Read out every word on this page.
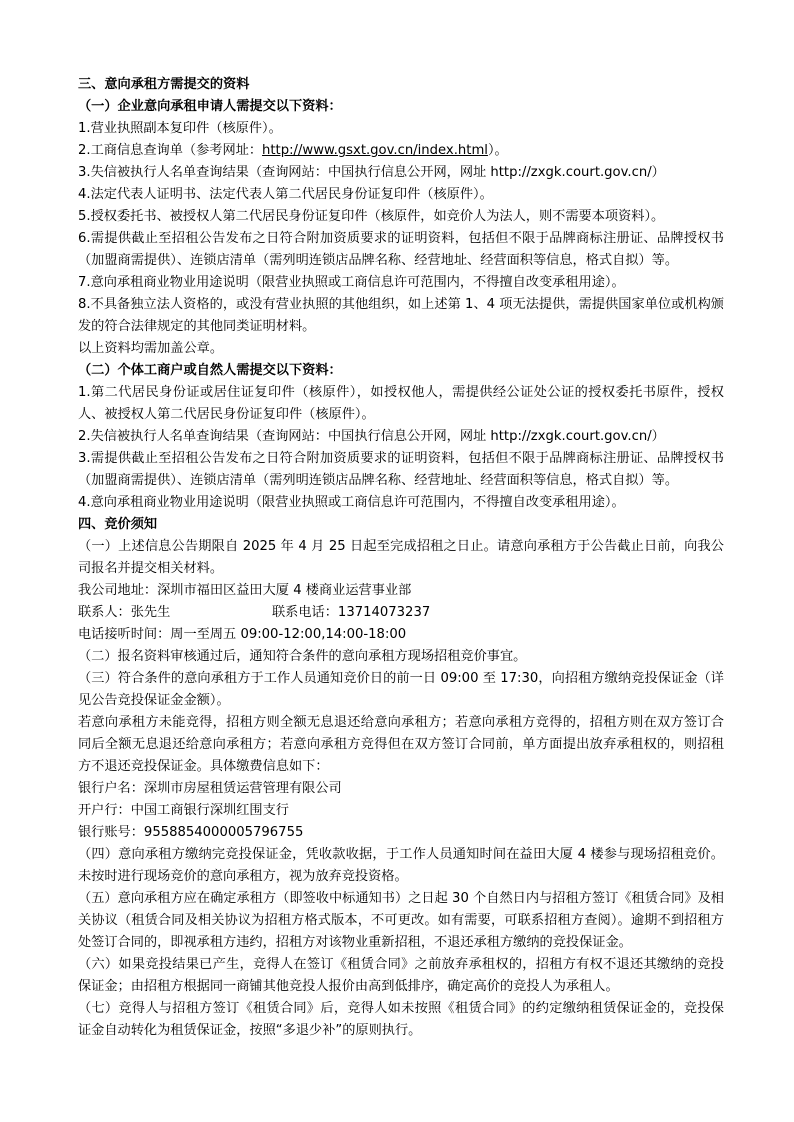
三、意向承租方需提交的资料
（一）企业意向承租申请人需提交以下资料：
1.营业执照副本复印件（核原件）。
2.工商信息查询单（参考网址：http://www.gsxt.gov.cn/index.html）。
3.失信被执行人名单查询结果（查询网站：中国执行信息公开网，网址 http://zxgk.court.gov.cn/）
4.法定代表人证明书、法定代表人第二代居民身份证复印件（核原件）。
5.授权委托书、被授权人第二代居民身份证复印件（核原件，如竞价人为法人，则不需要本项资料）。
6.需提供截止至招租公告发布之日符合附加资质要求的证明资料，包括但不限于品牌商标注册证、品牌授权书（加盟商需提供）、连锁店清单（需列明连锁店品牌名称、经营地址、经营面积等信息，格式自拟）等。
7.意向承租商业物业用途说明（限营业执照或工商信息许可范围内，不得擅自改变承租用途）。
8.不具备独立法人资格的，或没有营业执照的其他组织，如上述第 1、4 项无法提供，需提供国家单位或机构颁发的符合法律规定的其他同类证明材料。
以上资料均需加盖公章。
（二）个体工商户或自然人需提交以下资料：
1.第二代居民身份证或居住证复印件（核原件），如授权他人，需提供经公证处公证的授权委托书原件，授权人、被授权人第二代居民身份证复印件（核原件）。
2.失信被执行人名单查询结果（查询网站：中国执行信息公开网，网址 http://zxgk.court.gov.cn/）
3.需提供截止至招租公告发布之日符合附加资质要求的证明资料，包括但不限于品牌商标注册证、品牌授权书（加盟商需提供）、连锁店清单（需列明连锁店品牌名称、经营地址、经营面积等信息，格式自拟）等。
4.意向承租商业物业用途说明（限营业执照或工商信息许可范围内，不得擅自改变承租用途）。
四、竞价须知
（一）上述信息公告期限自 2025 年 4 月 25 日起至完成招租之日止。请意向承租方于公告截止日前，向我公司报名并提交相关材料。
我公司地址：深圳市福田区益田大厦 4 楼商业运营事业部
联系人：张先生	联系电话：13714073237
电话接听时间：周一至周五 09:00-12:00,14:00-18:00
（二）报名资料审核通过后，通知符合条件的意向承租方现场招租竞价事宜。
（三）符合条件的意向承租方于工作人员通知竞价日的前一日 09:00 至 17:30，向招租方缴纳竞投保证金（详见公告竞投保证金金额）。
若意向承租方未能竞得，招租方则全额无息退还给意向承租方；若意向承租方竞得的，招租方则在双方签订合同后全额无息退还给意向承租方；若意向承租方竞得但在双方签订合同前，单方面提出放弃承租权的，则招租方不退还竞投保证金。具体缴费信息如下：
银行户名：深圳市房屋租赁运营管理有限公司
开户行：中国工商银行深圳红围支行
银行账号：9558854000005796755
（四）意向承租方缴纳完竞投保证金，凭收款收据，于工作人员通知时间在益田大厦 4 楼参与现场招租竞价。未按时进行现场竞价的意向承租方，视为放弃竞投资格。
（五）意向承租方应在确定承租方（即签收中标通知书）之日起 30 个自然日内与招租方签订《租赁合同》及相关协议（租赁合同及相关协议为招租方格式版本，不可更改。如有需要，可联系招租方查阅）。逾期不到招租方处签订合同的，即视承租方违约，招租方对该物业重新招租，不退还承租方缴纳的竞投保证金。
（六）如果竞投结果已产生，竞得人在签订《租赁合同》之前放弃承租权的，招租方有权不退还其缴纳的竞投保证金；由招租方根据同一商铺其他竞投人报价由高到低排序，确定高价的竞投人为承租人。
（七）竞得人与招租方签订《租赁合同》后，竞得人如未按照《租赁合同》的约定缴纳租赁保证金的，竞投保证金自动转化为租赁保证金，按照“多退少补”的原则执行。
